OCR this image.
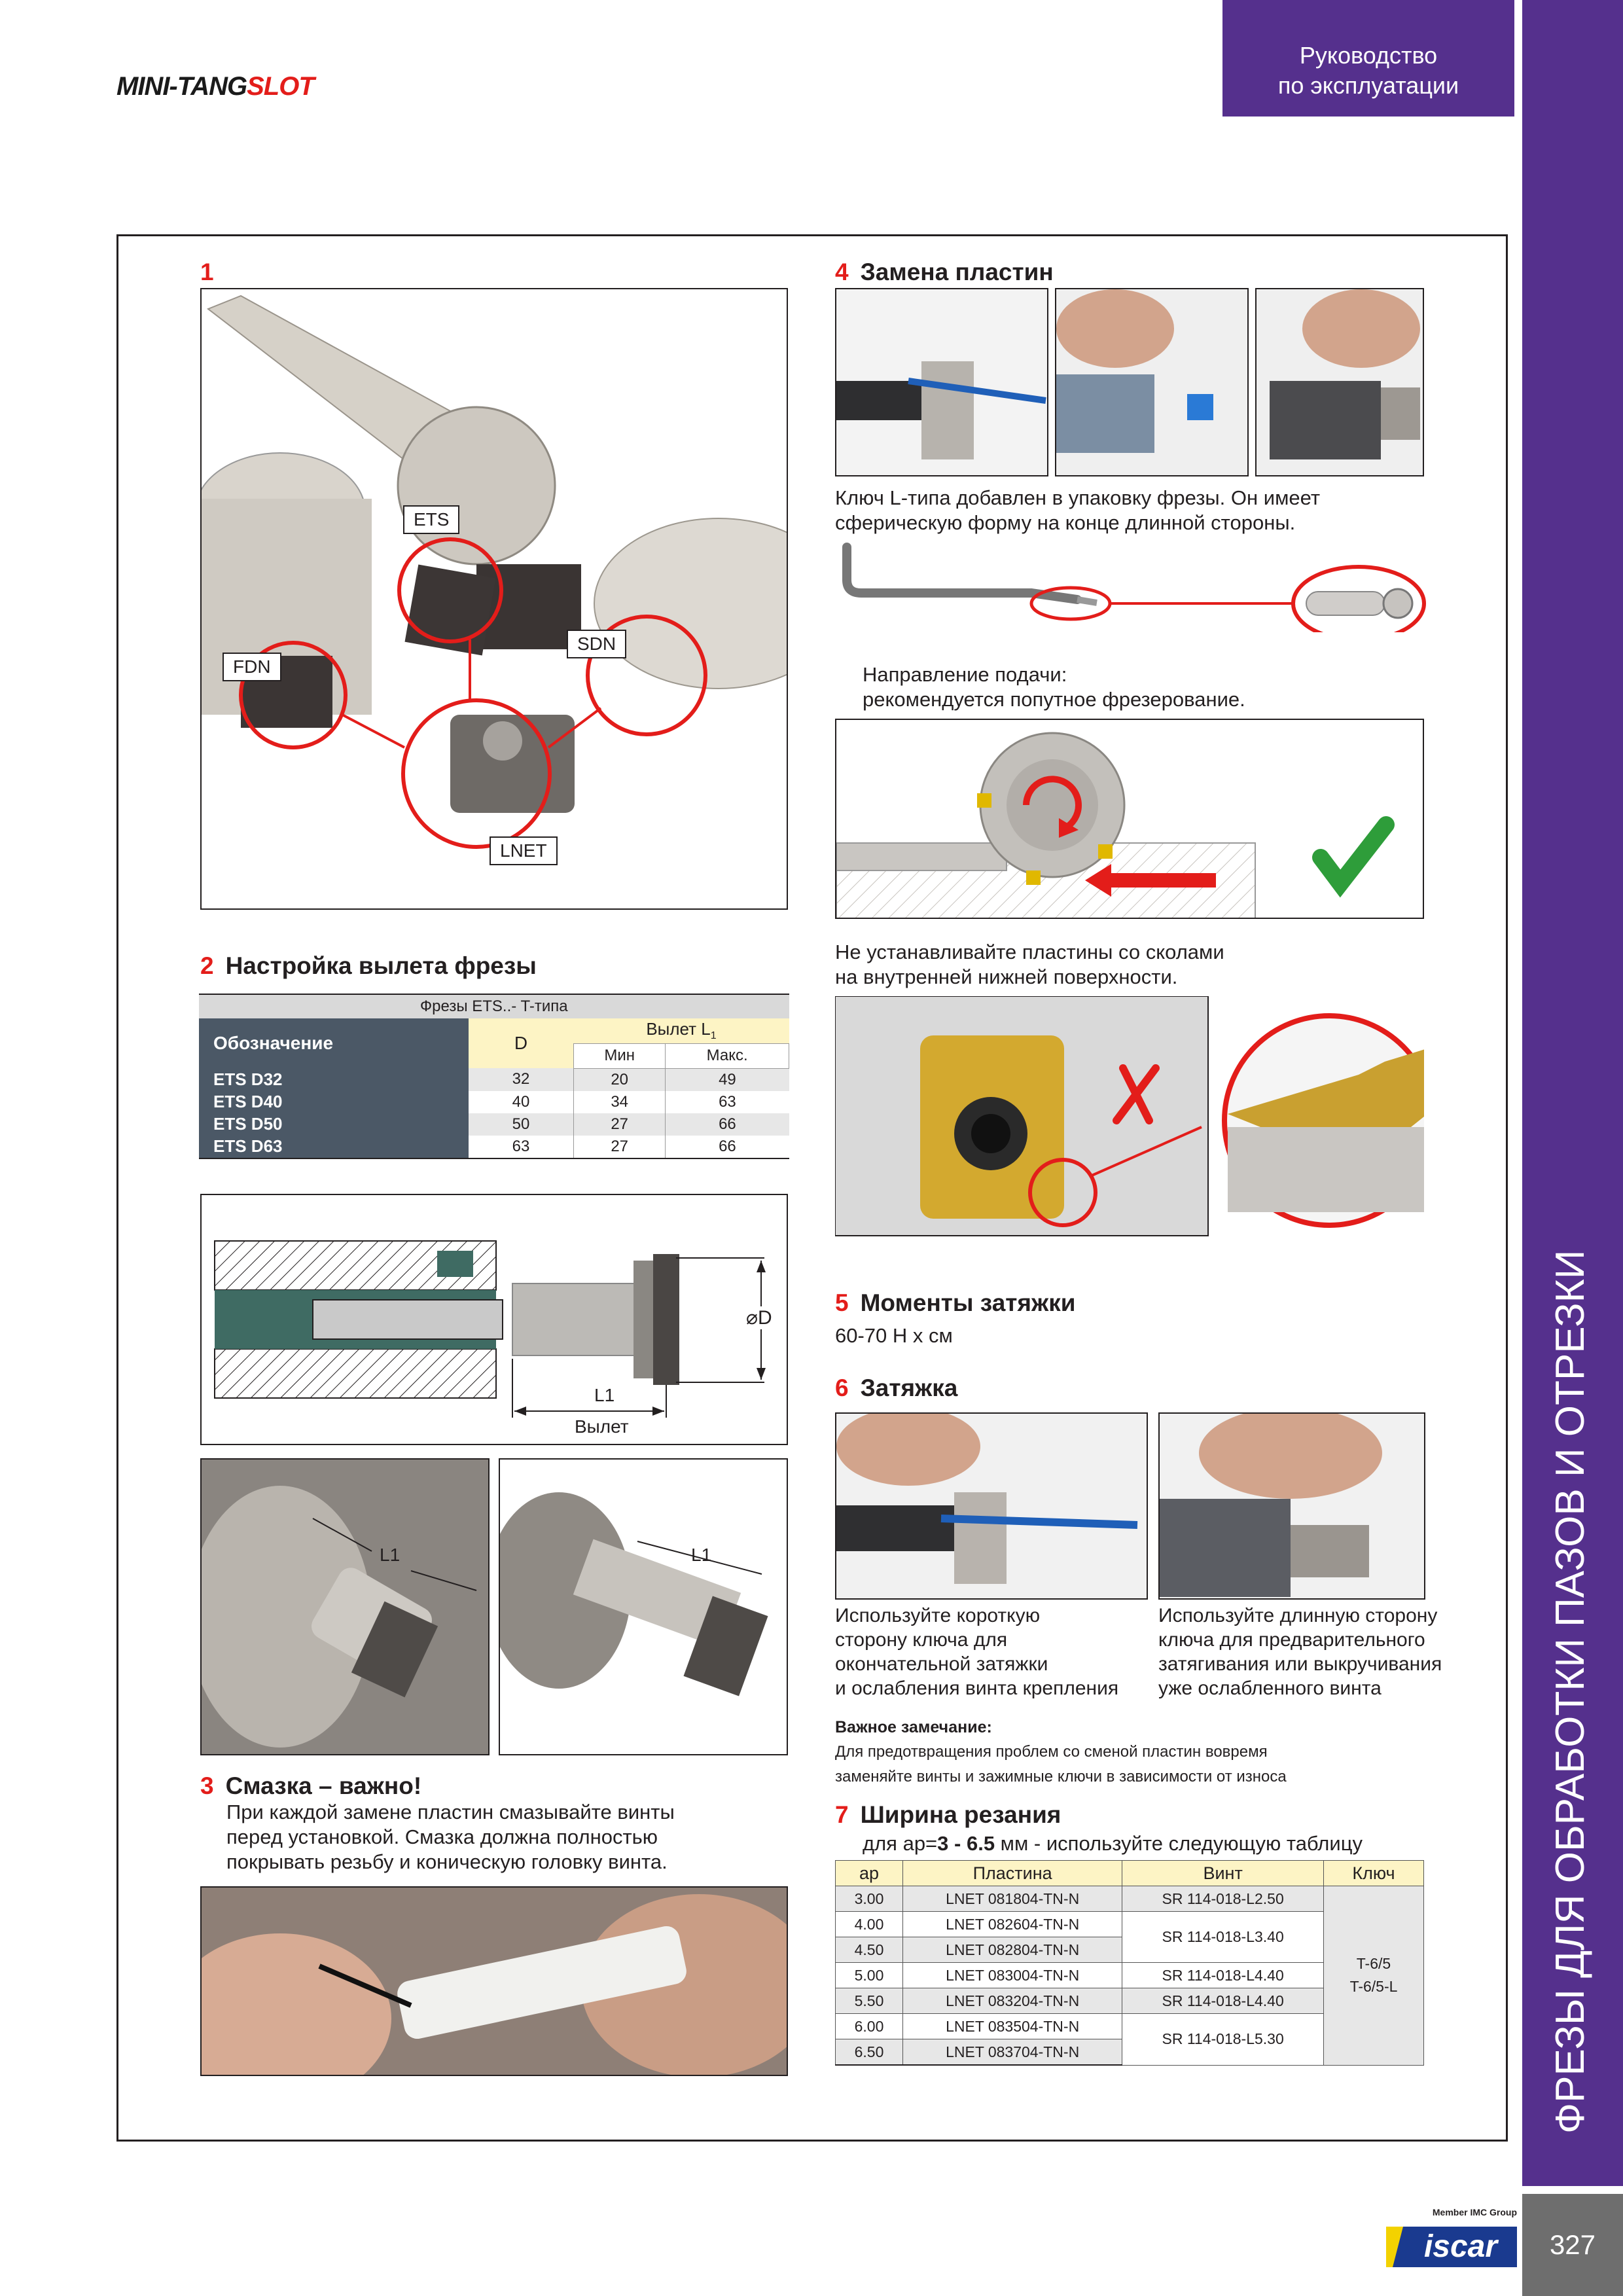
MINI-TANGSLOT
Руководство
по эксплуатации
ФРЕЗЫ ДЛЯ ОБРАБОТКИ ПАЗОВ И ОТРЕЗКИ
327
Member IMC Group
iscar
1
ETS
FDN
SDN
LNET
2 Настройка вылета фрезы
Фрезы ETS..- T-типа			
Обозначение	D	Вылет $L_1$
		Мин	Макс.
ETS D32	32	20	49
ETS D40	40	34	63
ETS D50	50	27	66
ETS D63	63	27	66
⌀D
L1
Вылет
L1	L1
3 Смазка – важно!
При каждой замене пластин смазывайте винты
перед установкой. Смазка должна полностью
покрывать резьбу и коническую головку винта.
4 Замена пластин
Ключ L-типа добавлен в упаковку фрезы. Он имеет
сферическую форму на конце длинной стороны.
Направление подачи:
рекомендуется попутное фрезерование.
Не устанавливайте пластины со сколами
на внутренней нижней поверхности.
5 Моменты затяжки
60-70 Н х см
6 Затяжка
Используйте короткую
сторону ключа для
окончательной затяжки
и ослабления винта крепления
Используйте длинную сторону
ключа для предварительного
затягивания или выкручивания
уже ослабленного винта
Важное замечание:
Для предотвращения проблем со сменой пластин вовремя
заменяйте винты и зажимные ключи в зависимости от износа
7 Ширина резания
для ap=3 - 6.5 мм - используйте следующую таблицу
ap	Пластина	Винт	Ключ
3.00	LNET 081804-TN-N	SR 114-018-L2.50	T-6/5
T-6/5-L

4.00	LNET 082604-TN-N	SR 114-018-L3.40	
4.50	LNET 082804-TN-N		
5.00	LNET 083004-TN-N	SR 114-018-L4.40	
5.50	LNET 083204-TN-N	SR 114-018-L4.40	
6.00	LNET 083504-TN-N	SR 114-018-L5.30	
6.50	LNET 083704-TN-N		
